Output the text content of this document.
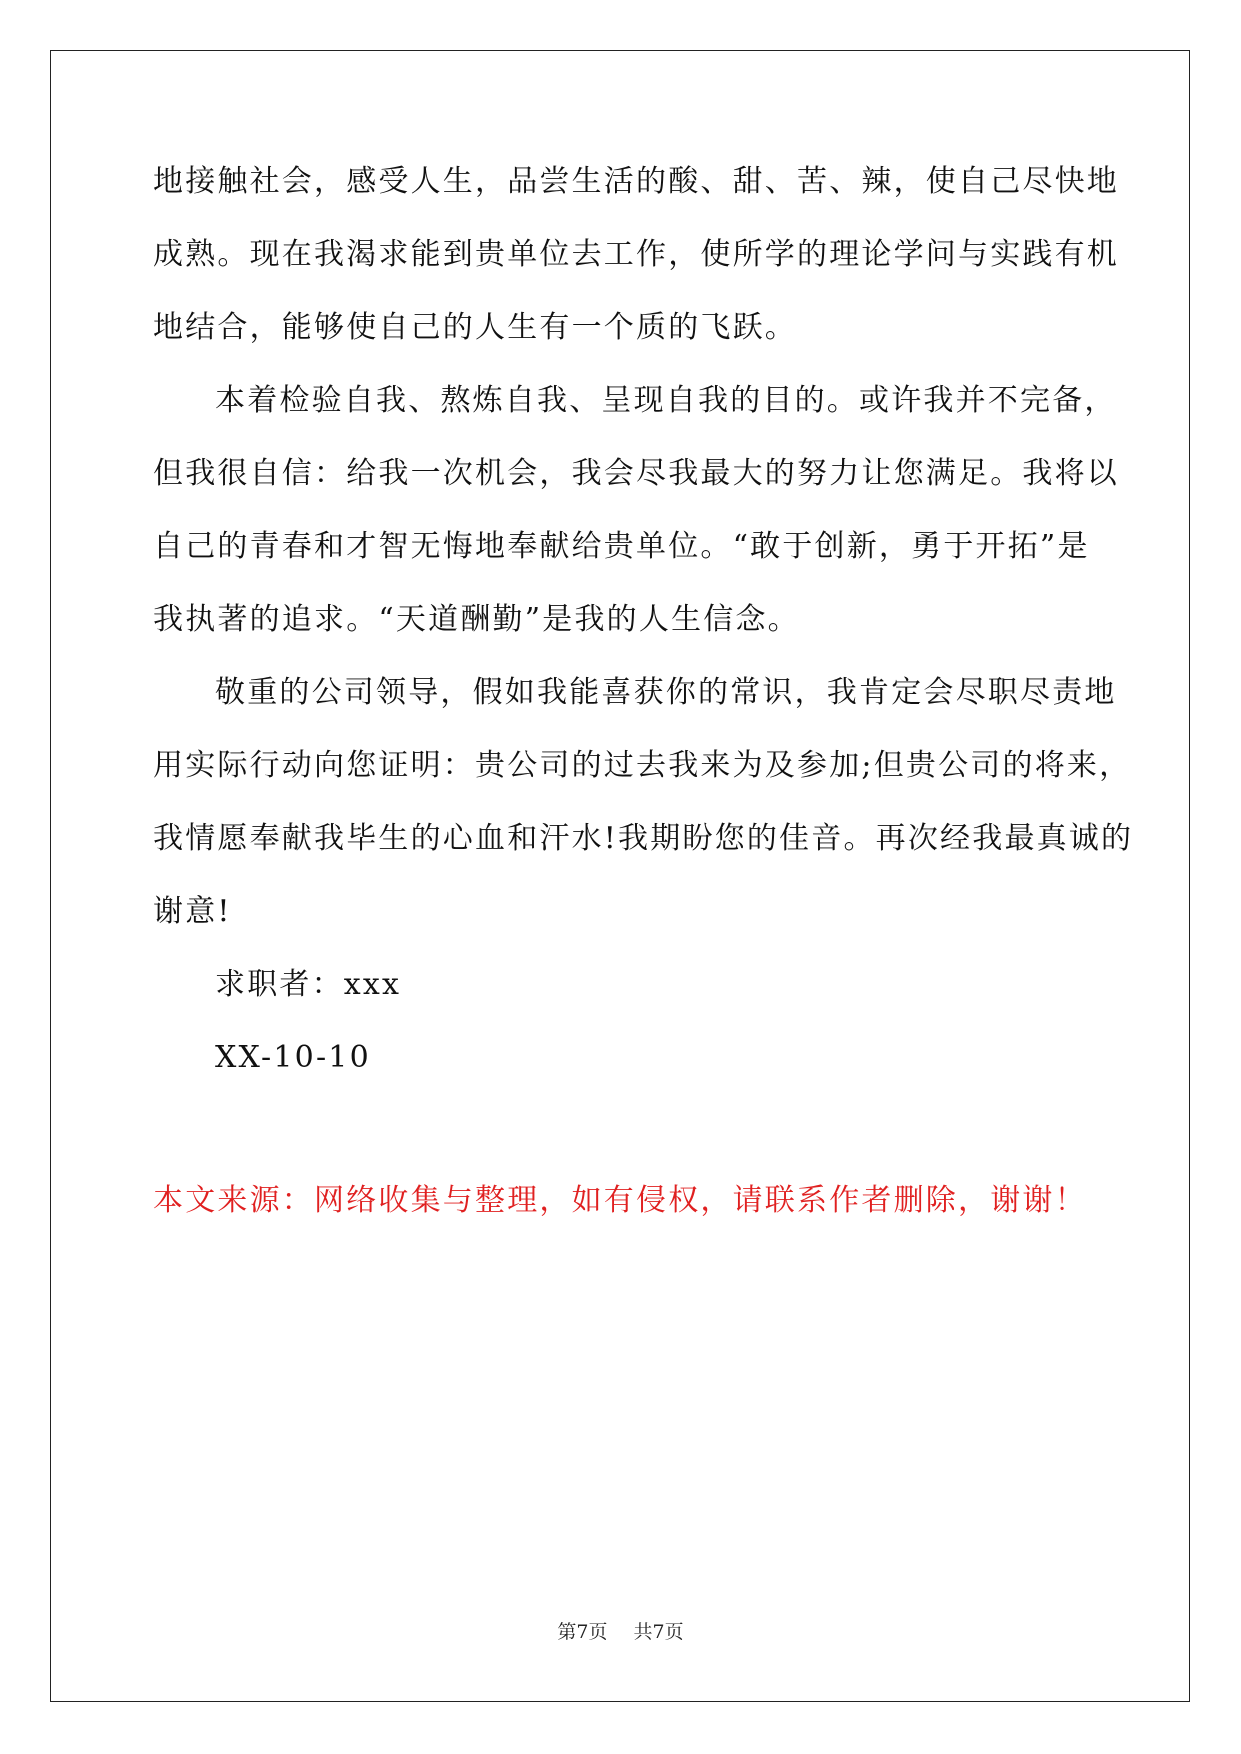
地接触社会，感受人生，品尝生活的酸、甜、苦、辣，使自己尽快地
成熟。现在我渴求能到贵单位去工作，使所学的理论学问与实践有机
地结合，能够使自己的人生有一个质的飞跃。
本着检验自我、熬炼自我、呈现自我的目的。或许我并不完备，
但我很自信：给我一次机会，我会尽我最大的努力让您满足。我将以
自己的青春和才智无悔地奉献给贵单位。“敢于创新，勇于开拓”是
我执著的追求。“天道酬勤”是我的人生信念。
敬重的公司领导，假如我能喜获你的常识，我肯定会尽职尽责地
用实际行动向您证明：贵公司的过去我来为及参加;但贵公司的将来，
我情愿奉献我毕生的心血和汗水!我期盼您的佳音。再次经我最真诚的
谢意!
求职者：xxx
XX-10-10
本文来源：网络收集与整理，如有侵权，请联系作者删除，谢谢！
第7页 共7页
